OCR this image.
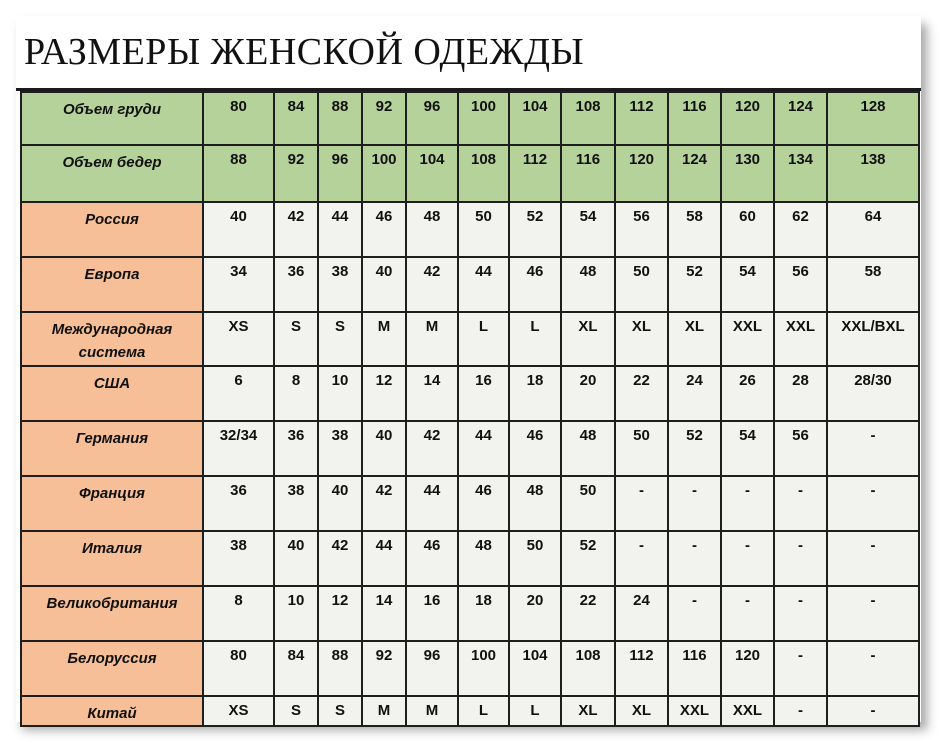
РАЗМЕРЫ ЖЕНСКОЙ ОДЕЖДЫ
Объем груди	80	84	88	92	96	100	104	108	112	116	120	124	128

Объем бедер	88	92	96	100	104	108	112	116	120	124	130	134	138

Россия	40	42	44	46	48	50	52	54	56	58	60	62	64

Европа	34	36	38	40	42	44	46	48	50	52	54	56	58

Международная система	XS	S	S	M	M	L	L	XL	XL	XL	XXL	XXL	XXL/BXL

США	6	8	10	12	14	16	18	20	22	24	26	28	28/30

Германия	32/34	36	38	40	42	44	46	48	50	52	54	56	-

Франция	36	38	40	42	44	46	48	50	-	-	-	-	-

Италия	38	40	42	44	46	48	50	52	-	-	-	-	-

Великобритания	8	10	12	14	16	18	20	22	24	-	-	-	-

Белоруссия	80	84	88	92	96	100	104	108	112	116	120	-	-

Китай	XS	S	S	M	M	L	L	XL	XL	XXL	XXL	-	-
